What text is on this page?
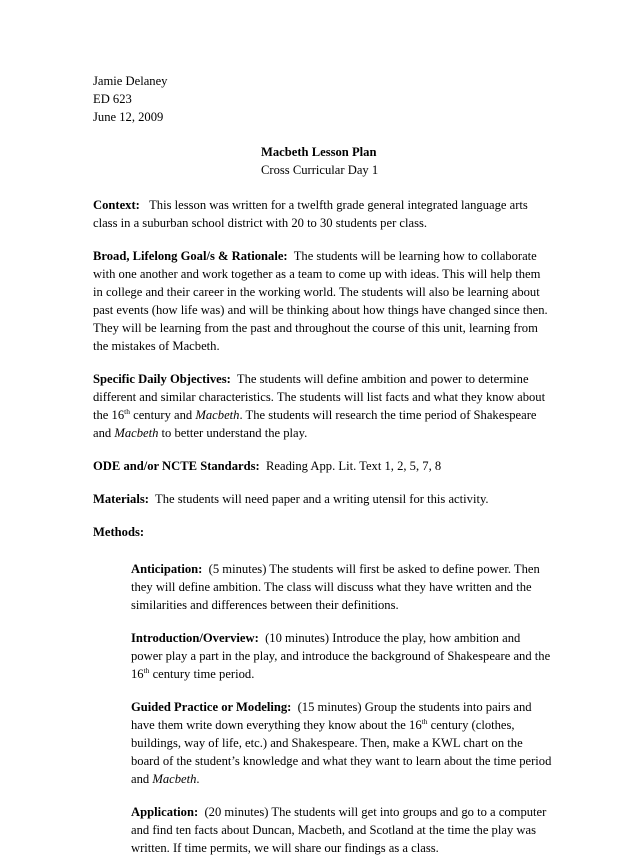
Jamie Delaney
ED 623
June 12, 2009
Macbeth Lesson Plan
Cross Curricular Day 1
Context: This lesson was written for a twelfth grade general integrated language arts class in a suburban school district with 20 to 30 students per class.
Broad, Lifelong Goal/s & Rationale: The students will be learning how to collaborate with one another and work together as a team to come up with ideas. This will help them in college and their career in the working world. The students will also be learning about past events (how life was) and will be thinking about how things have changed since then. They will be learning from the past and throughout the course of this unit, learning from the mistakes of Macbeth.
Specific Daily Objectives: The students will define ambition and power to determine different and similar characteristics. The students will list facts and what they know about the 16th century and Macbeth. The students will research the time period of Shakespeare and Macbeth to better understand the play.
ODE and/or NCTE Standards: Reading App. Lit. Text 1, 2, 5, 7, 8
Materials: The students will need paper and a writing utensil for this activity.
Methods:
Anticipation: (5 minutes) The students will first be asked to define power. Then they will define ambition. The class will discuss what they have written and the similarities and differences between their definitions.
Introduction/Overview: (10 minutes) Introduce the play, how ambition and power play a part in the play, and introduce the background of Shakespeare and the 16th century time period.
Guided Practice or Modeling: (15 minutes) Group the students into pairs and have them write down everything they know about the 16th century (clothes, buildings, way of life, etc.) and Shakespeare. Then, make a KWL chart on the board of the student’s knowledge and what they want to learn about the time period and Macbeth.
Application: (20 minutes) The students will get into groups and go to a computer and find ten facts about Duncan, Macbeth, and Scotland at the time the play was written. If time permits, we will share our findings as a class.
